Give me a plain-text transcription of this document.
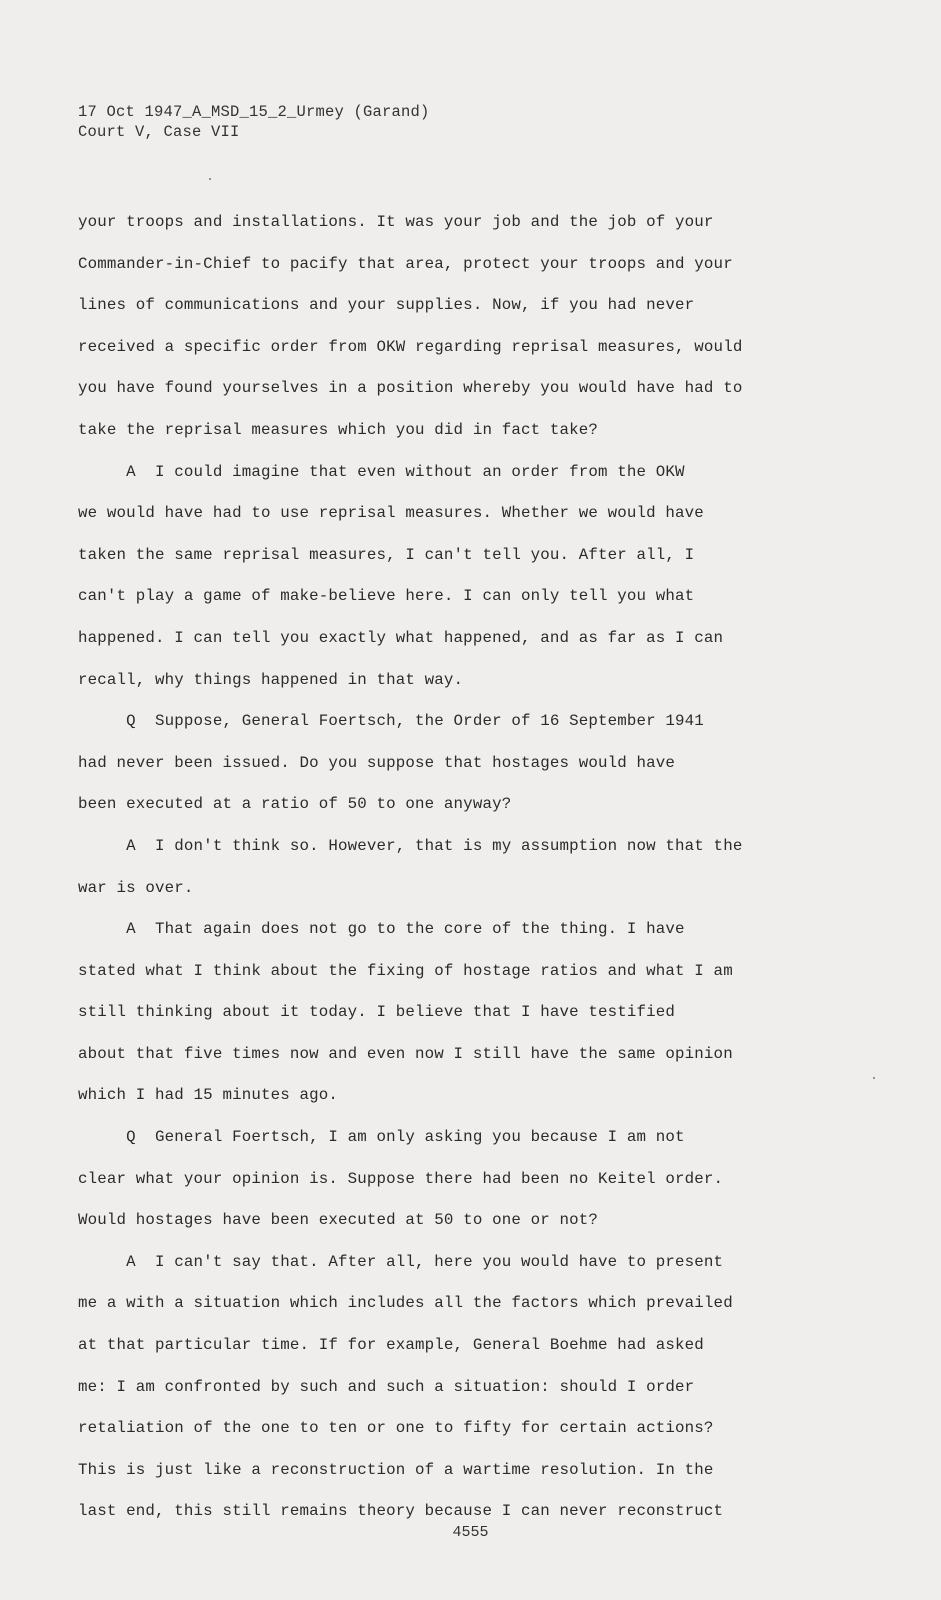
17 Oct 1947_A_MSD_15_2_Urmey (Garand)
Court V, Case VII
your troops and installations. It was your job and the job of your
Commander-in-Chief to pacify that area, protect your troops and your
lines of communications and your supplies. Now, if you had never
received a specific order from OKW regarding reprisal measures, would
you have found yourselves in a position whereby you would have had to
take the reprisal measures which you did in fact take?
A  I could imagine that even without an order from the OKW
we would have had to use reprisal measures. Whether we would have
taken the same reprisal measures, I can't tell you. After all, I
can't play a game of make-believe here. I can only tell you what
happened. I can tell you exactly what happened, and as far as I can
recall, why things happened in that way.
Q  Suppose, General Foertsch, the Order of 16 September 1941
had never been issued. Do you suppose that hostages would have
been executed at a ratio of 50 to one anyway?
A  I don't think so. However, that is my assumption now that the
war is over.
A  That again does not go to the core of the thing. I have
stated what I think about the fixing of hostage ratios and what I am
still thinking about it today. I believe that I have testified
about that five times now and even now I still have the same opinion
which I had 15 minutes ago.
Q  General Foertsch, I am only asking you because I am not
clear what your opinion is. Suppose there had been no Keitel order.
Would hostages have been executed at 50 to one or not?
A  I can't say that. After all, here you would have to present
me a with a situation which includes all the factors which prevailed
at that particular time. If for example, General Boehme had asked
me: I am confronted by such and such a situation: should I order
retaliation of the one to ten or one to fifty for certain actions?
This is just like a reconstruction of a wartime resolution. In the
last end, this still remains theory because I can never reconstruct
4555
